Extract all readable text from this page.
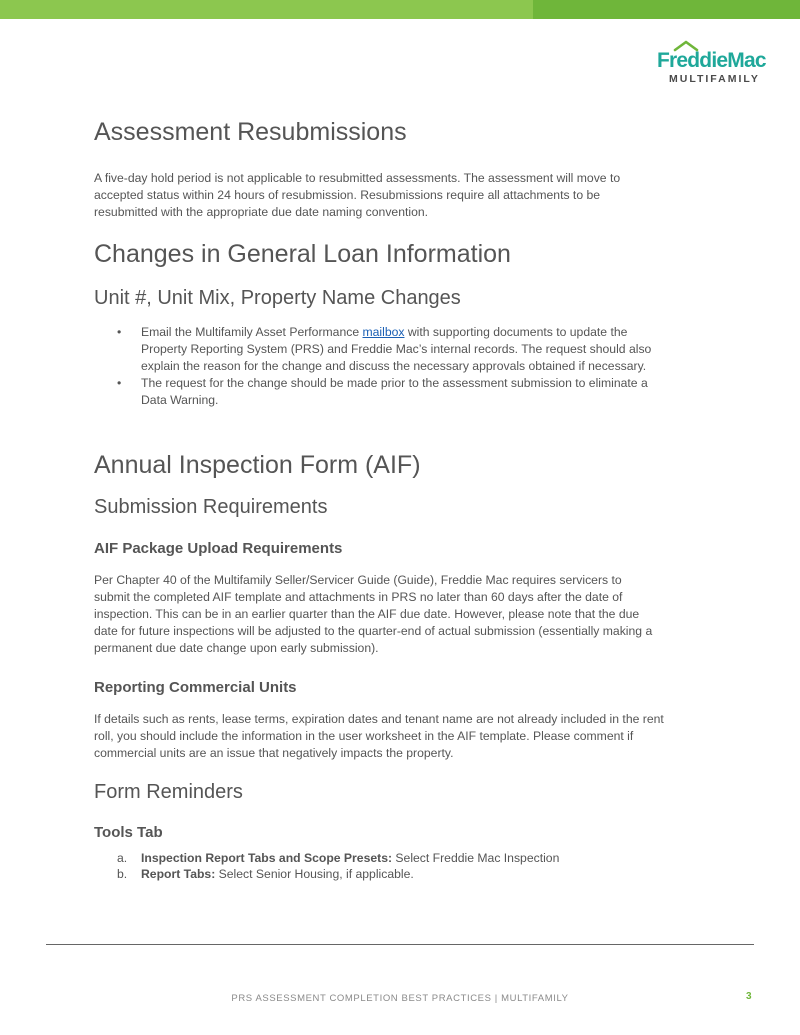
FreddieMac
MULTIFAMILY
Assessment Resubmissions

A five-day hold period is not applicable to resubmitted assessments. The assessment will move to

accepted status within 24 hours of resubmission. Resubmissions require all attachments to be

resubmitted with the appropriate due date naming convention.

Changes in General Loan Information
Unit #, Unit Mix, Property Name Changes
• Email the Multifamily Asset Performance mailbox with supporting documents to update the
Property Reporting System (PRS) and Freddie Mac’s internal records. The request should also
explain the reason for the change and discuss the necessary approvals obtained if necessary.
• The request for the change should be made prior to the assessment submission to eliminate a
Data Warning.
Annual Inspection Form (AIF)
Submission Requirements
AIF Package Upload Requirements

Per Chapter 40 of the Multifamily Seller/Servicer Guide (Guide), Freddie Mac requires servicers to

submit the completed AIF template and attachments in PRS no later than 60 days after the date of

inspection. This can be in an earlier quarter than the AIF due date. However, please note that the due

date for future inspections will be adjusted to the quarter-end of actual submission (essentially making a

permanent due date change upon early submission).

Reporting Commercial Units

If details such as rents, lease terms, expiration dates and tenant name are not already included in the rent

roll, you should include the information in the user worksheet in the AIF template. Please comment if

commercial units are an issue that negatively impacts the property.

Form Reminders
Tools Tab
a. Inspection Report Tabs and Scope Presets: Select Freddie Mac Inspection
b. Report Tabs: Select Senior Housing, if applicable.
PRS ASSESSMENT COMPLETION BEST PRACTICES | MULTIFAMILY	3
